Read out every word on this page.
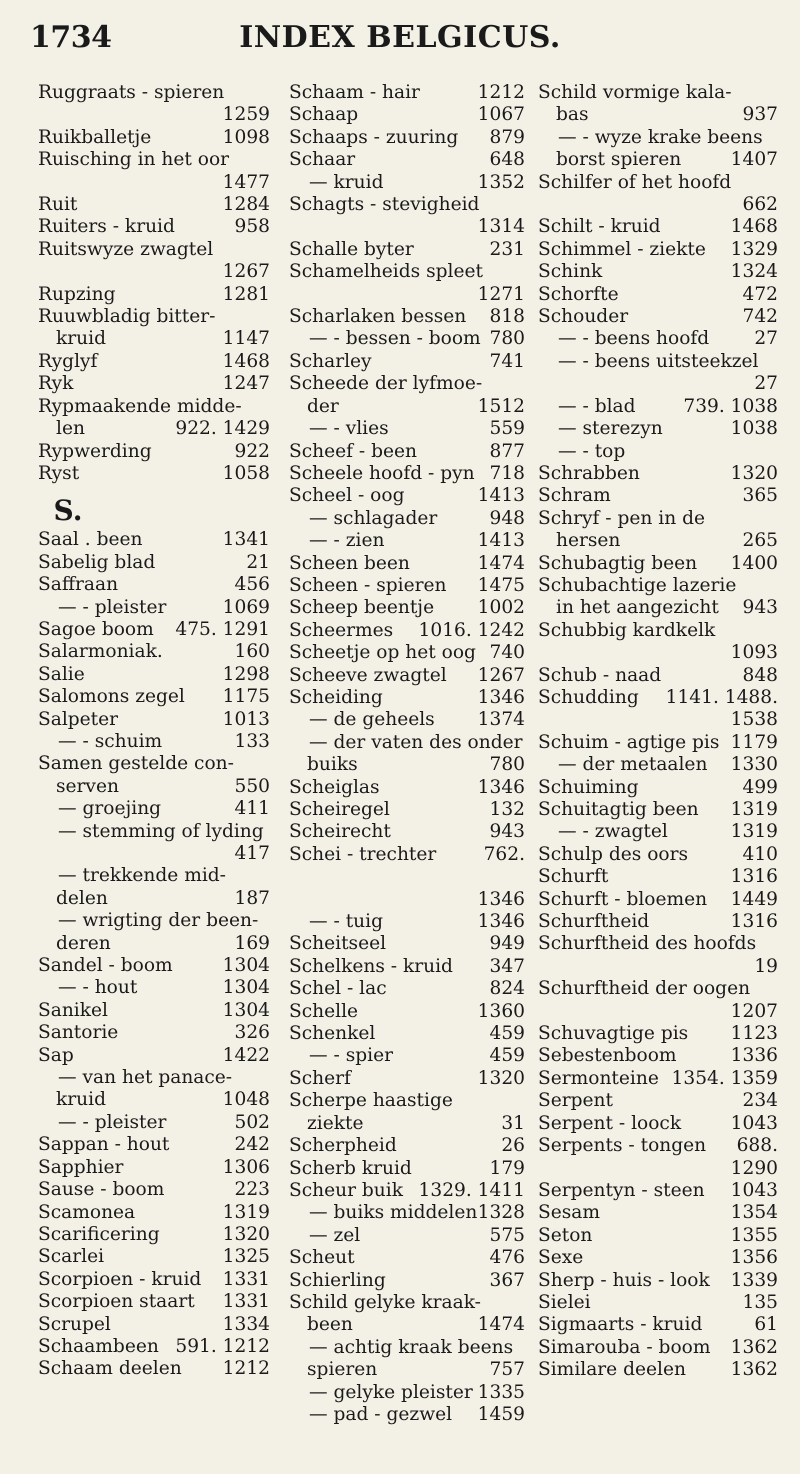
1734	INDEX BELGICUS.
Ruggraats - spieren
1259
Ruikballetje	1098
Ruisching in het oor
1477
Ruit	1284
Ruiters - kruid	958
Ruitswyze zwagtel
1267
Rupzing	1281
Ruuwbladig bitter-
kruid	1147
Ryglyf	1468
Ryk	1247
Rypmaakende midde-
len	922. 1429
Rypwerding	922
Ryst	1058
S.
Saal . been	1341
Sabelig blad	21
Saffraan	456
— - pleister	1069
Sagoe boom 475. 1291
Salarmoniak.	160
Salie	1298
Salomons zegel 1175
Salpeter	1013
— - schuim	133
Samen gestelde con-
serven	550
— groejing	411
— stemming of lyding
417
— trekkende mid-
delen	187
— wrigting der been-
deren	169
Sandel - boom	1304
— - hout	1304
Sanikel	1304
Santorie	326
Sap	1422
— van het panace-
kruid	1048
— - pleister	502
Sappan - hout	242
Sapphier	1306
Sause - boom	223
Scamonea	1319
Scarificering	1320
Scarlei	1325
Scorpioen - kruid 1331
Scorpioen staart 1331
Scrupel	1334
Schaambeen 591. 1212
Schaam deelen 1212
Schaam - hair	1212
Schaap	1067
Schaaps - zuuring 879
Schaar	648
— kruid	1352
Schagts - stevigheid
1314
Schalle byter	231
Schamelheids spleet
1271
Scharlaken bessen 818
— - bessen - boom 780
Scharley	741
Scheede der lyfmoe-
der	1512
— - vlies	559
Scheef - been	877
Scheele hoofd - pyn 718
Scheel - oog	1413
— schlagader	948
— - zien	1413
Scheen been	1474
Scheen - spieren 1475
Scheep beentje 1002
Scheermes 1016. 1242
Scheetje op het oog 740
Scheeve zwagtel 1267
Scheiding	1346
— de geheels 1374
— der vaten des onder
buiks	780
Scheiglas	1346
Scheiregel	132
Scheirecht	943
Schei - trechter	762.

1346
— - tuig	1346
Scheitseel	949
Schelkens - kruid 347
Schel - lac	824
Schelle	1360
Schenkel	459
— - spier	459
Scherf	1320
Scherpe haastige
ziekte	31
Scherpheid	26
Scherb kruid	179
Scheur buik 1329. 1411
— buiks middelen 1328
— zel	575
Scheut	476
Schierling	367
Schild gelyke kraak-
been	1474
— achtig kraak beens
spieren	757
— gelyke pleister 1335
— pad - gezwel 1459
Schild vormige kala-
bas	937
— - wyze krake beens
borst spieren	1407
Schilfer of het hoofd
662
Schilt - kruid	1468
Schimmel - ziekte 1329
Schink	1324
Schorfte	472
Schouder	742
— - beens hoofd 27
— - beens uitsteekzel
27
— - blad	739. 1038
— sterezyn	1038
— - top
Schrabben	1320
Schram	365
Schryf - pen in de
hersen	265
Schubagtig been 1400
Schubachtige lazerie
in het aangezicht 943
Schubbig kardkelk
1093
Schub - naad	848
Schudding 1141. 1488.
1538
Schuim - agtige pis 1179
— der metaalen 1330
Schuiming	499
Schuitagtig been 1319
— - zwagtel	1319
Schulp des oors	410
Schurft	1316
Schurft - bloemen 1449
Schurftheid	1316
Schurftheid des hoofds
19
Schurftheid der oogen
1207
Schuvagtige pis 1123
Sebestenboom	1336
Sermonteine 1354. 1359
Serpent	234
Serpent - loock	1043
Serpents - tongen 688.
1290
Serpentyn - steen 1043
Sesam	1354
Seton	1355
Sexe	1356
Sherp - huis - look 1339
Sielei	135
Sigmaarts - kruid	61
Simarouba - boom 1362
Similare deelen 1362
